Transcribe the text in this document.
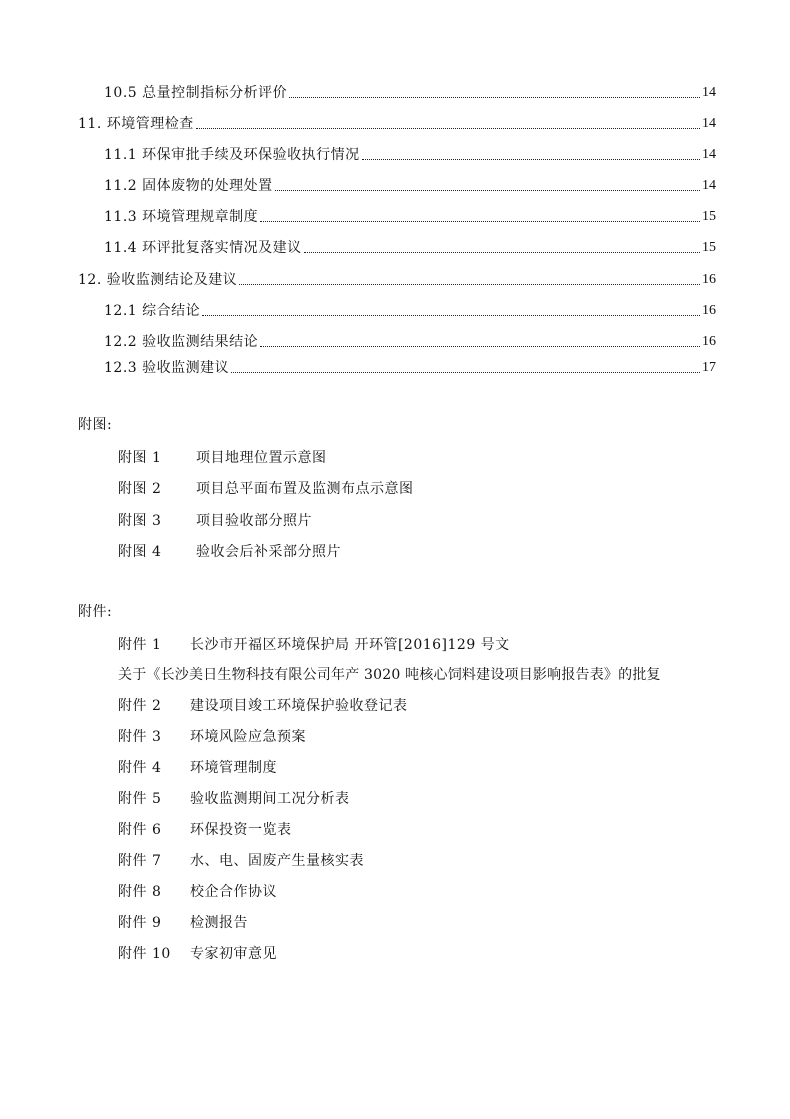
10.5 总量控制指标分析评价	14
11. 环境管理检查	14
11.1 环保审批手续及环保验收执行情况	14
11.2 固体废物的处理处置	14
11.3 环境管理规章制度	15
11.4 环评批复落实情况及建议	15
12. 验收监测结论及建议	16
12.1 综合结论	16
12.2 验收监测结果结论	16
12.3 验收监测建议	17
附图:
附图 1 项目地理位置示意图
附图 2 项目总平面布置及监测布点示意图
附图 3 项目验收部分照片
附图 4 验收会后补采部分照片
附件:
附件 1 长沙市开福区环境保护局 开环管[2016]129 号文
关于《长沙美日生物科技有限公司年产 3020 吨核心饲料建设项目影响报告表》的批复
附件 2 建设项目竣工环境保护验收登记表
附件 3 环境风险应急预案
附件 4 环境管理制度
附件 5 验收监测期间工况分析表
附件 6 环保投资一览表
附件 7 水、电、固废产生量核实表
附件 8 校企合作协议
附件 9 检测报告
附件 10 专家初审意见
